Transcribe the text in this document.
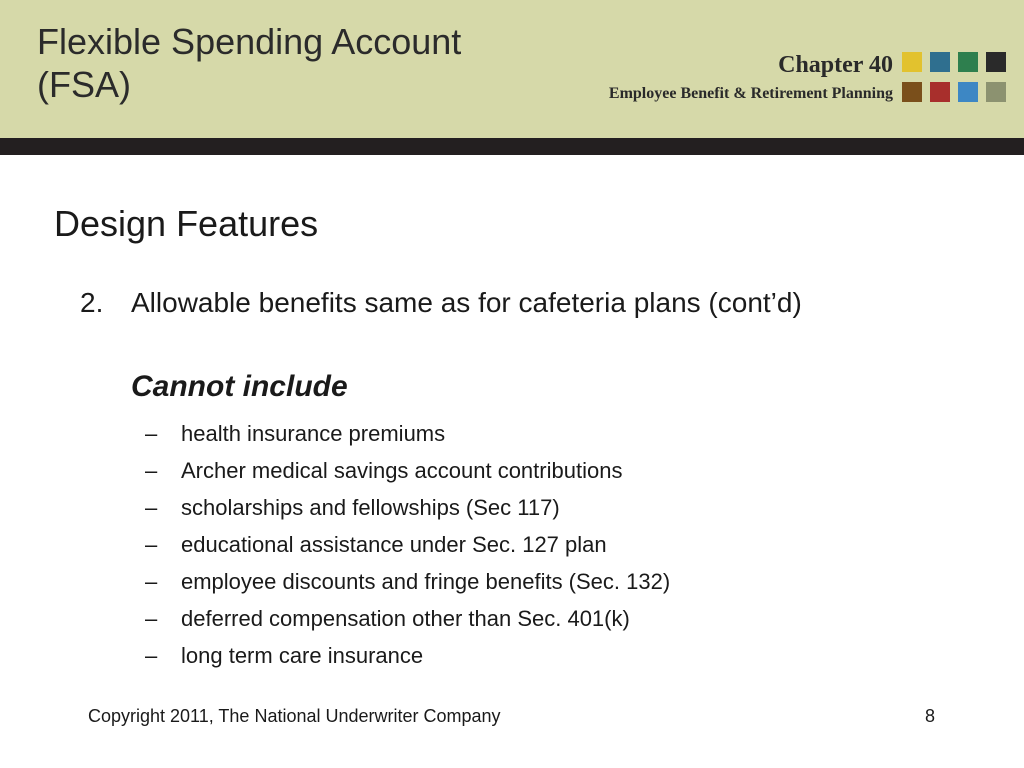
Flexible Spending Account
(FSA)	Chapter 40
Employee Benefit & Retirement Planning
Design Features
2. Allowable benefits same as for cafeteria plans (cont’d)
Cannot include
– health insurance premiums
– Archer medical savings account contributions
– scholarships and fellowships (Sec 117)
– educational assistance under Sec. 127 plan
– employee discounts and fringe benefits (Sec. 132)
– deferred compensation other than Sec. 401(k)
– long term care insurance
Copyright 2011, The National Underwriter Company	8
